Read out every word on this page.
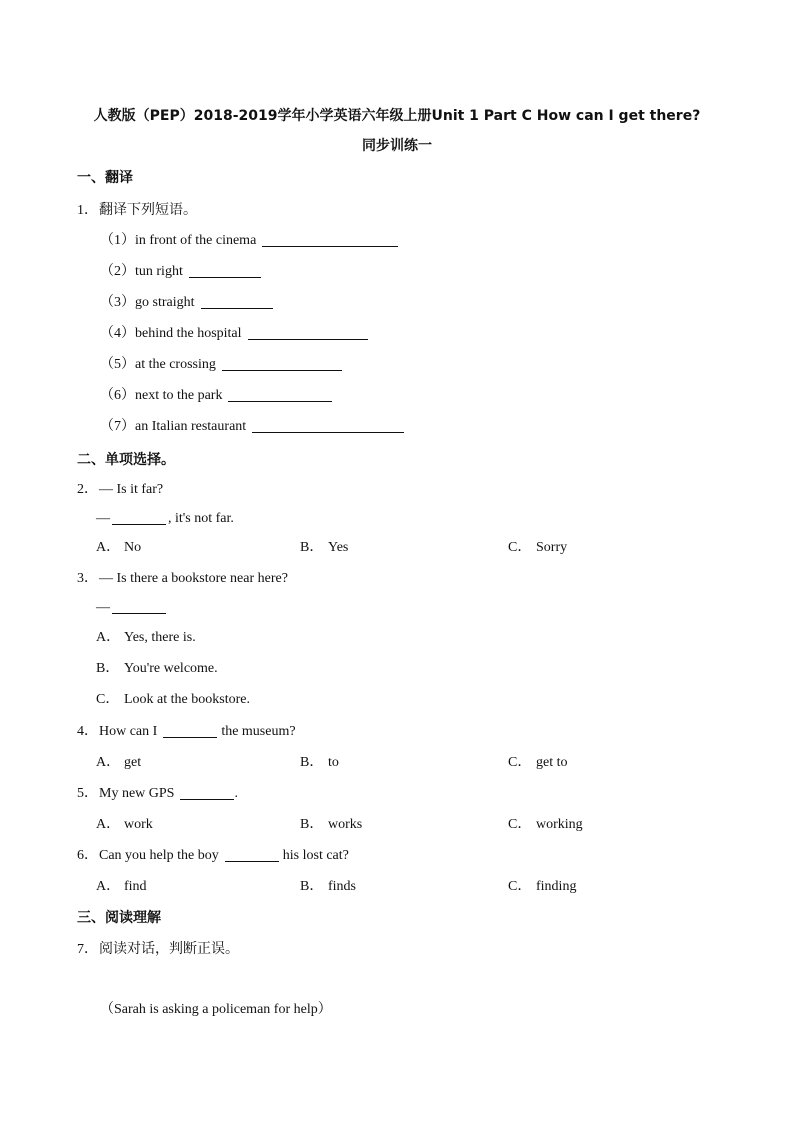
人教版（PEP）2018-2019学年小学英语六年级上册Unit 1 Part C How can I get there?
同步训练一
一、翻译
1．翻译下列短语。
（1）in front of the cinema
（2）tun right
（3）go straight
（4）behind the hospital
（5）at the crossing
（6）next to the park
（7）an Italian restaurant
二、单项选择。
2．— Is it far?
—	, it's not far.
A． No	B． Yes	C． Sorry
3．— Is there a bookstore near here?
—
A． Yes, there is.
B． You're welcome.
C． Look at the bookstore.
4．How can I	the museum?
A． get	B． to	C． get to
5．My new GPS	.
A． work	B． works	C． working
6．Can you help the boy	his lost cat?
A． find	B． finds	C． finding
三、阅读理解
7．阅读对话，判断正误。
（Sarah is asking a policeman for help）
